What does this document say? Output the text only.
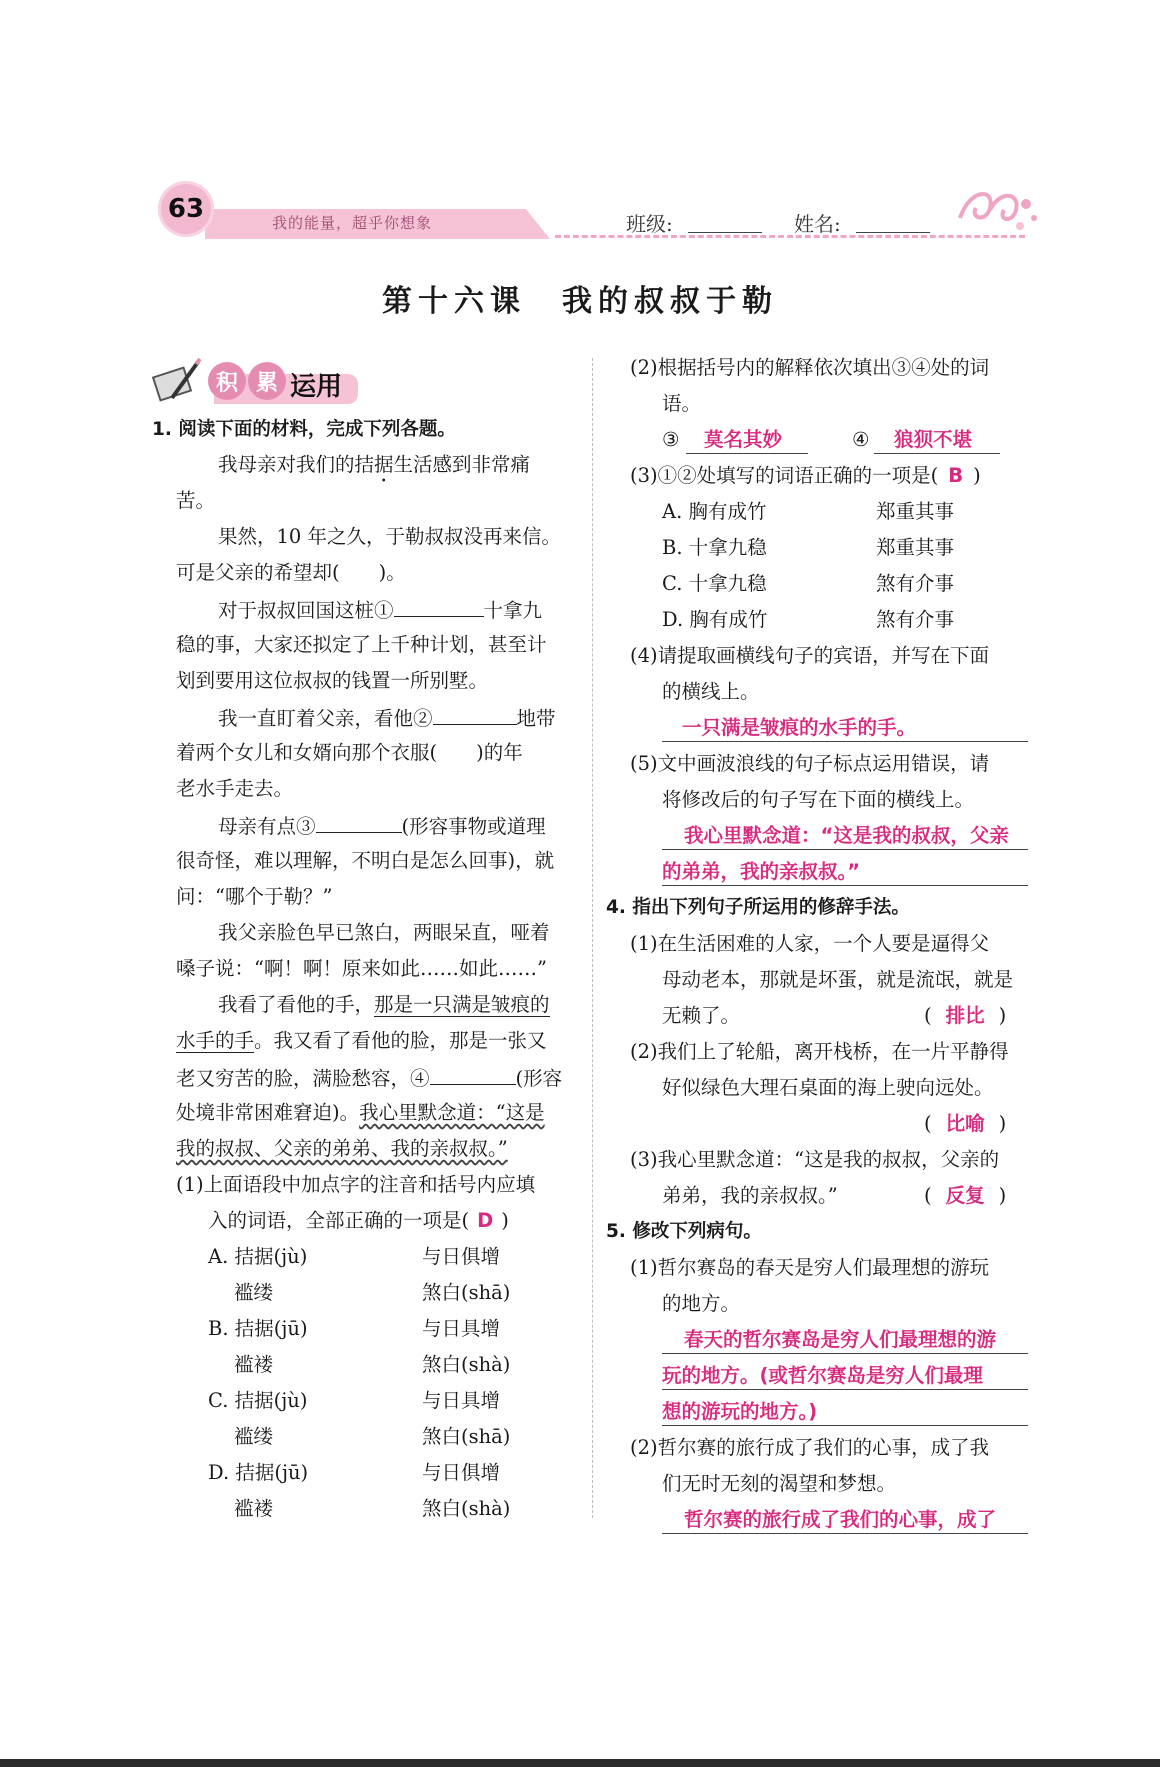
63	我的能量，超乎你想象	班级:	姓名:
第十六课　我的叔叔于勒
积 累 运用
1. 阅读下面的材料，完成下列各题。
我母亲对我们的拮据生活感到非常痛
苦。
果然，10 年之久，于勒叔叔没再来信。
可是父亲的希望却(　　)。
对于叔叔回国这桩①	十拿九
稳的事，大家还拟定了上千种计划，甚至计
划到要用这位叔叔的钱置一所别墅。
我一直盯着父亲，看他②	地带
着两个女儿和女婿向那个衣服(　　)的年
老水手走去。
母亲有点③	(形容事物或道理
很奇怪，难以理解，不明白是怎么回事)，就
问：“哪个于勒？”
我父亲脸色早已煞白，两眼呆直，哑着
嗓子说：“啊！啊！原来如此……如此……”
我看了看他的手，那是一只满是皱痕的
水手的手。我又看了看他的脸，那是一张又
老又穷苦的脸，满脸愁容，④	(形容
处境非常困难窘迫)。我心里默念道：“这是
我的叔叔、父亲的弟弟、我的亲叔叔。”
(1)上面语段中加点字的注音和括号内应填
入的词语，全部正确的一项是( D )
A. 拮据(jù)	与日俱增
褴缕	煞白(shā)
B. 拮据(jū)	与日具增
褴褛	煞白(shà)
C. 拮据(jù)	与日具增
褴缕	煞白(shā)
D. 拮据(jū)	与日俱增
褴褛	煞白(shà)
(2)根据括号内的解释依次填出③④处的词
语。
③ 莫名其妙	④ 狼狈不堪
(3)①②处填写的词语正确的一项是( B )
A. 胸有成竹	郑重其事
B. 十拿九稳	郑重其事
C. 十拿九稳	煞有介事
D. 胸有成竹	煞有介事
(4)请提取画横线句子的宾语，并写在下面
的横线上。
一只满是皱痕的水手的手。
(5)文中画波浪线的句子标点运用错误，请
将修改后的句子写在下面的横线上。
我心里默念道：“这是我的叔叔，父亲
的弟弟，我的亲叔叔。”
4. 指出下列句子所运用的修辞手法。
(1)在生活困难的人家，一个人要是逼得父
母动老本，那就是坏蛋，就是流氓，就是
无赖了。	( 排比 )
(2)我们上了轮船，离开栈桥，在一片平静得
好似绿色大理石桌面的海上驶向远处。
( 比喻 )
(3)我心里默念道：“这是我的叔叔，父亲的
弟弟，我的亲叔叔。”	( 反复 )
5. 修改下列病句。
(1)哲尔赛岛的春天是穷人们最理想的游玩
的地方。
春天的哲尔赛岛是穷人们最理想的游
玩的地方。(或哲尔赛岛是穷人们最理
想的游玩的地方。)
(2)哲尔赛的旅行成了我们的心事，成了我
们无时无刻的渴望和梦想。
哲尔赛的旅行成了我们的心事，成了
